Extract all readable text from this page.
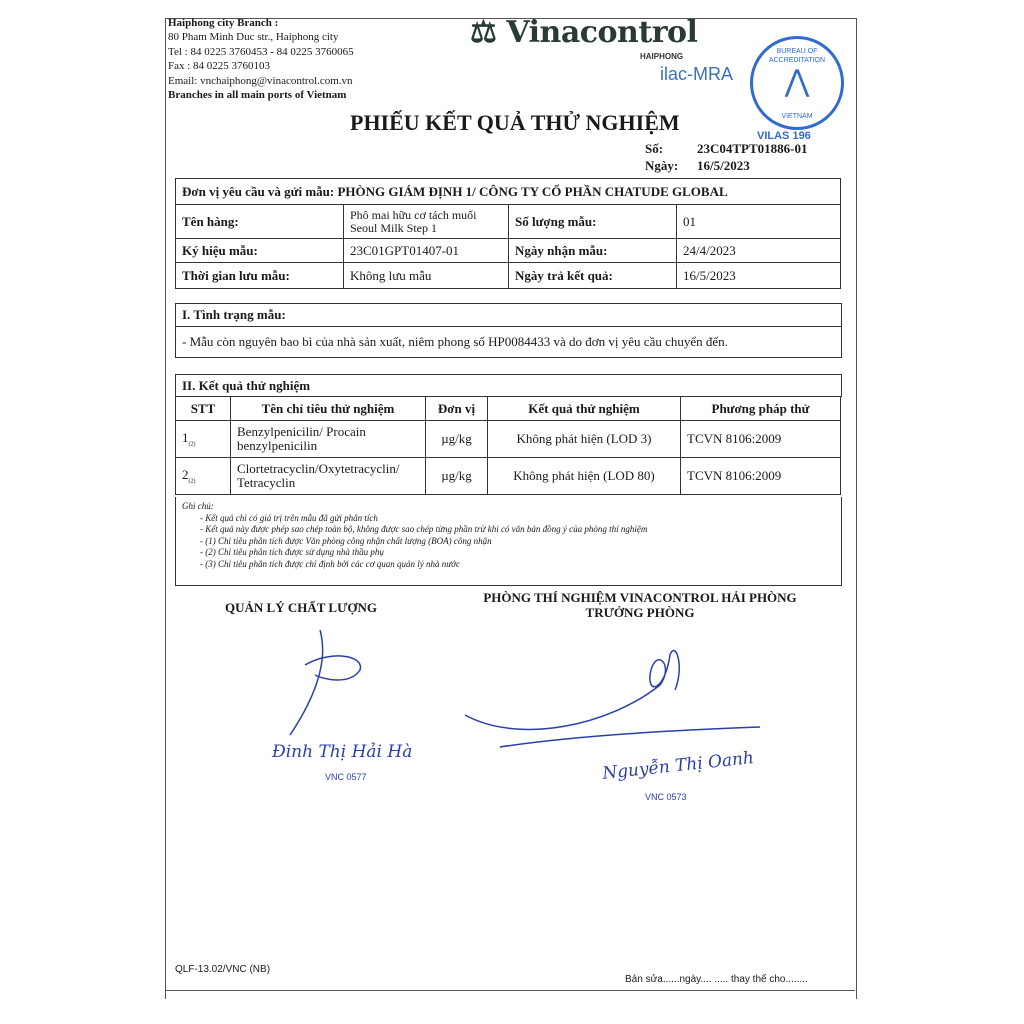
Haiphong city Branch :
80 Pham Minh Duc str., Haiphong city
Tel : 84 0225 3760453 - 84 0225 3760065
Fax : 84 0225 3760103
Email: vnchaiphong@vinacontrol.com.vn
Branches in all main ports of Vietnam
⚖ Vinacontrol
HAIPHONG
ilac-MRA
BUREAU OF ACCREDITATION
⋀
VIETNAM
VILAS 196
PHIẾU KẾT QUẢ THỬ NGHIỆM
Số:	23C04TPT01886-01
Ngày: 16/5/2023
Đơn vị yêu cầu và gửi mẫu: PHÒNG GIÁM ĐỊNH 1/ CÔNG TY CỔ PHẦN CHATUDE GLOBAL			
Tên hàng:	Phô mai hữu cơ tách muối Seoul Milk Step 1	Số lượng mẫu:	01
Ký hiệu mẫu:	23C01GPT01407-01	Ngày nhận mẫu:	24/4/2023
Thời gian lưu mẫu:	Không lưu mẫu	Ngày trả kết quả:	16/5/2023
I. Tình trạng mẫu:
- Mẫu còn nguyên bao bì của nhà sản xuất, niêm phong số HP0084433 và do đơn vị yêu cầu chuyển đến.
II. Kết quả thử nghiệm
STT	Tên chỉ tiêu thử nghiệm	Đơn vị	Kết quả thử nghiệm	Phương pháp thử
$1_{(2)}$	Benzylpenicilin/ Procain benzylpenicilin	µg/kg	Không phát hiện (LOD 3)	TCVN 8106:2009
$2_{(2)}$	Clortetracyclin/Oxytetracyclin/ Tetracyclin	µg/kg	Không phát hiện (LOD 80)	TCVN 8106:2009
Ghi chú:
- Kết quả chỉ có giá trị trên mẫu đã gửi phân tích
- Kết quả này được phép sao chép toàn bộ, không được sao chép từng phần trừ khi có văn bản đồng ý của phòng thí nghiệm
- (1) Chỉ tiêu phân tích được Văn phòng công nhận chất lượng (BOA) công nhận
- (2) Chỉ tiêu phân tích được sử dụng nhà thầu phụ
- (3) Chỉ tiêu phân tích được chỉ định bởi các cơ quan quản lý nhà nước
QUẢN LÝ CHẤT LƯỢNG
PHÒNG THÍ NGHIỆM VINACONTROL HẢI PHÒNG
TRƯỞNG PHÒNG
Đinh Thị Hải Hà
VNC 0577	Nguyễn Thị Oanh
VNC 0573
QLF-13.02/VNC (NB)
Bản sửa......ngày.... ..... thay thế cho........
